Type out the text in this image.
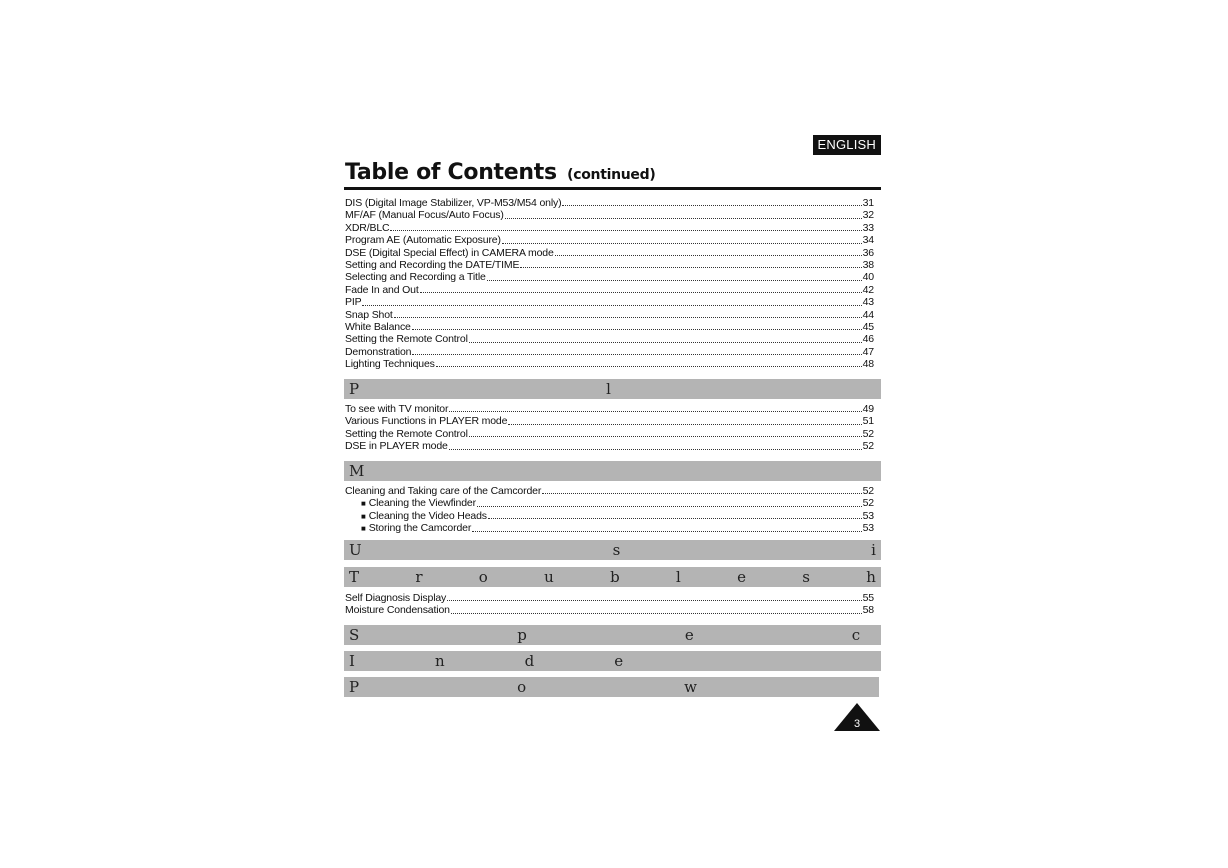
ENGLISH
Table of Contents (continued)
DIS (Digital Image Stabilizer, VP-M53/M54 only)	31
MF/AF (Manual Focus/Auto Focus)	32
XDR/BLC	33
Program AE (Automatic Exposure)	34
DSE (Digital Special Effect) in CAMERA mode	36
Setting and Recording the DATE/TIME	38
Selecting and Recording a Title	40
Fade In and Out	42
PIP	43
Snap Shot	44
White Balance	45
Setting the Remote Control	46
Demonstration	47
Lighting Techniques	48
P	l
To see with TV monitor	49
Various Functions in PLAYER mode	51
Setting the Remote Control	52
DSE in PLAYER mode	52
M
Cleaning and Taking care of the Camcorder	52
■ Cleaning the Viewfinder	52
■ Cleaning the Video Heads	53
■ Storing the Camcorder	53
U	s	i
T	r	o	u	b	l	e	s	h
Self Diagnosis Display	55
Moisture Condensation	58
S	p	e	c
I	n	d	e
P	o	w
3
